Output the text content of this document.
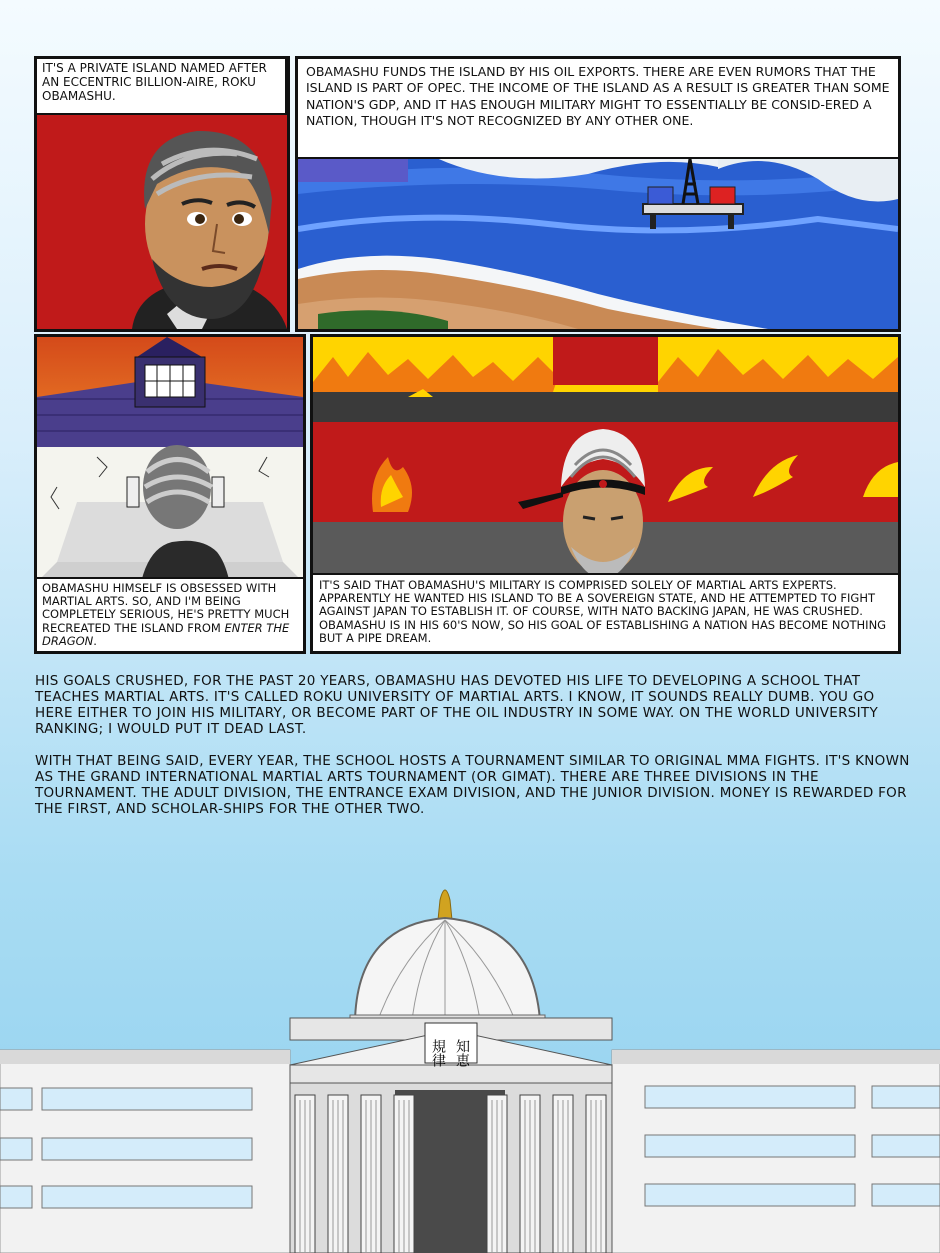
IT'S A PRIVATE ISLAND NAMED AFTER AN ECCENTRIC BILLION-AIRE, ROKU OBAMASHU.
OBAMASHU FUNDS THE ISLAND BY HIS OIL EXPORTS. THERE ARE EVEN RUMORS THAT THE ISLAND IS PART OF OPEC. THE INCOME OF THE ISLAND AS A RESULT IS GREATER THAN SOME NATION'S GDP, AND IT HAS ENOUGH MILITARY MIGHT TO ESSENTIALLY BE CONSID-ERED A NATION, THOUGH IT'S NOT RECOGNIZED BY ANY OTHER ONE.
OBAMASHU HIMSELF IS OBSESSED WITH MARTIAL ARTS. SO, AND I'M BEING COMPLETELY SERIOUS, HE'S PRETTY MUCH RECREATED THE ISLAND FROM ENTER THE DRAGON.
IT'S SAID THAT OBAMASHU'S MILITARY IS COMPRISED SOLELY OF MARTIAL ARTS EXPERTS. APPARENTLY HE WANTED HIS ISLAND TO BE A SOVEREIGN STATE, AND HE ATTEMPTED TO FIGHT AGAINST JAPAN TO ESTABLISH IT. OF COURSE, WITH NATO BACKING JAPAN, HE WAS CRUSHED. OBAMASHU IS IN HIS 60'S NOW, SO HIS GOAL OF ESTABLISHING A NATION HAS BECOME NOTHING BUT A PIPE DREAM.

HIS GOALS CRUSHED, FOR THE PAST 20 YEARS, OBAMASHU HAS DEVOTED HIS LIFE TO DEVELOPING A SCHOOL THAT TEACHES MARTIAL ARTS. IT'S CALLED ROKU UNIVERSITY OF MARTIAL ARTS. I KNOW, IT SOUNDS REALLY DUMB. YOU GO HERE EITHER TO JOIN HIS MILITARY, OR BECOME PART OF THE OIL INDUSTRY IN SOME WAY. ON THE WORLD UNIVERSITY RANKING; I WOULD PUT IT DEAD LAST.

WITH THAT BEING SAID, EVERY YEAR, THE SCHOOL HOSTS A TOURNAMENT SIMILAR TO ORIGINAL MMA FIGHTS. IT'S KNOWN AS THE GRAND INTERNATIONAL MARTIAL ARTS TOURNAMENT (OR GIMAT). THERE ARE THREE DIVISIONS IN THE TOURNAMENT. THE ADULT DIVISION, THE ENTRANCE EXAM DIVISION, AND THE JUNIOR DIVISION. MONEY IS REWARDED FOR THE FIRST, AND SCHOLAR-SHIPS FOR THE OTHER TWO.

規律 知恵
